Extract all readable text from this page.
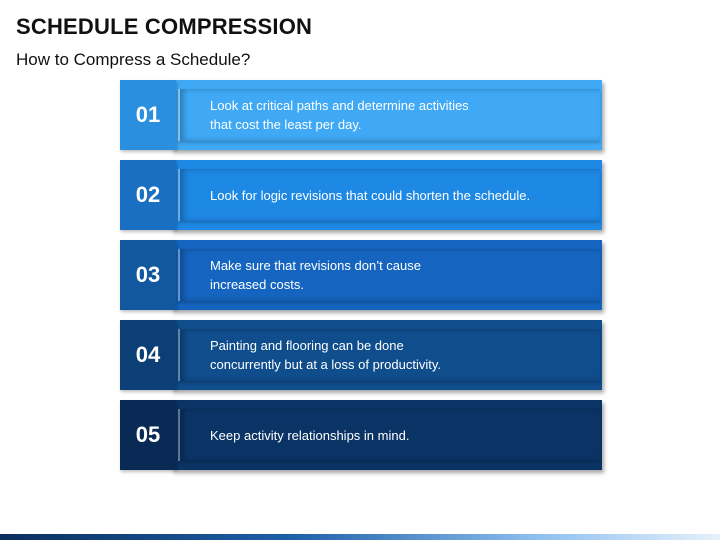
SCHEDULE COMPRESSION
How to Compress a Schedule?
01	Look at critical paths and determine activities
that cost the least per day.
02	Look for logic revisions that could shorten the schedule.
03	Make sure that revisions don’t cause
increased costs.
04	Painting and flooring can be done
concurrently but at a loss of productivity.
05	Keep activity relationships in mind.
